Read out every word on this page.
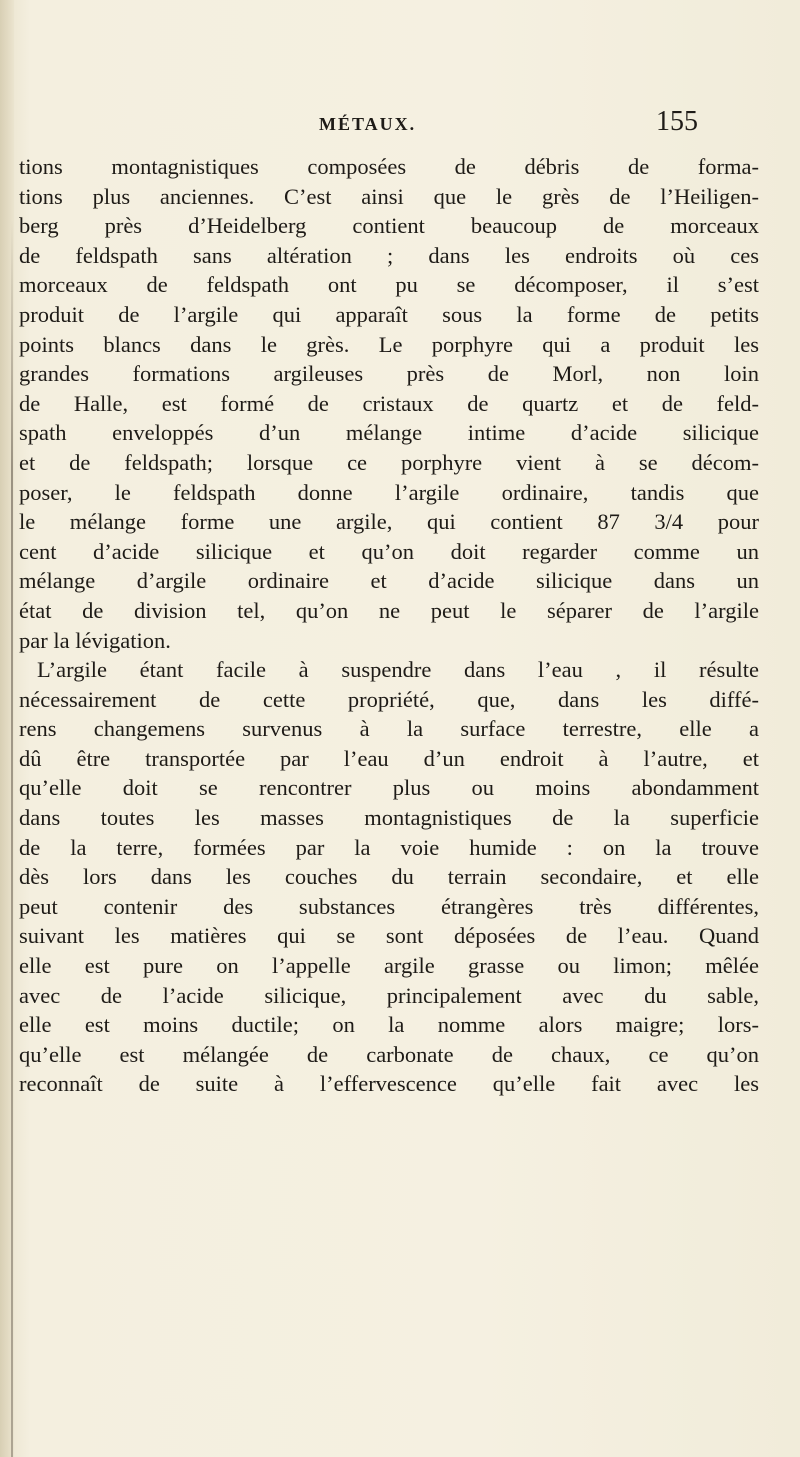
MÉTAUX.	155
tions montagnistiques composées de débris de forma-
tions plus anciennes. C’est ainsi que le grès de l’Heiligen-
berg près d’Heidelberg contient beaucoup de morceaux
de feldspath sans altération ; dans les endroits où ces
morceaux de feldspath ont pu se décomposer, il s’est
produit de l’argile qui apparaît sous la forme de petits
points blancs dans le grès. Le porphyre qui a produit les
grandes formations argileuses près de Morl, non loin
de Halle, est formé de cristaux de quartz et de feld-
spath enveloppés d’un mélange intime d’acide silicique
et de feldspath; lorsque ce porphyre vient à se décom-
poser, le feldspath donne l’argile ordinaire, tandis que
le mélange forme une argile, qui contient 87 3/4 pour
cent d’acide silicique et qu’on doit regarder comme un
mélange d’argile ordinaire et d’acide silicique dans un
état de division tel, qu’on ne peut le séparer de l’argile
par la lévigation.
L’argile étant facile à suspendre dans l’eau , il résulte
nécessairement de cette propriété, que, dans les diffé-
rens changemens survenus à la surface terrestre, elle a
dû être transportée par l’eau d’un endroit à l’autre, et
qu’elle doit se rencontrer plus ou moins abondamment
dans toutes les masses montagnistiques de la superficie
de la terre, formées par la voie humide : on la trouve
dès lors dans les couches du terrain secondaire, et elle
peut contenir des substances étrangères très différentes,
suivant les matières qui se sont déposées de l’eau. Quand
elle est pure on l’appelle argile grasse ou limon; mêlée
avec de l’acide silicique, principalement avec du sable,
elle est moins ductile; on la nomme alors maigre; lors-
qu’elle est mélangée de carbonate de chaux, ce qu’on
reconnaît de suite à l’effervescence qu’elle fait avec les
